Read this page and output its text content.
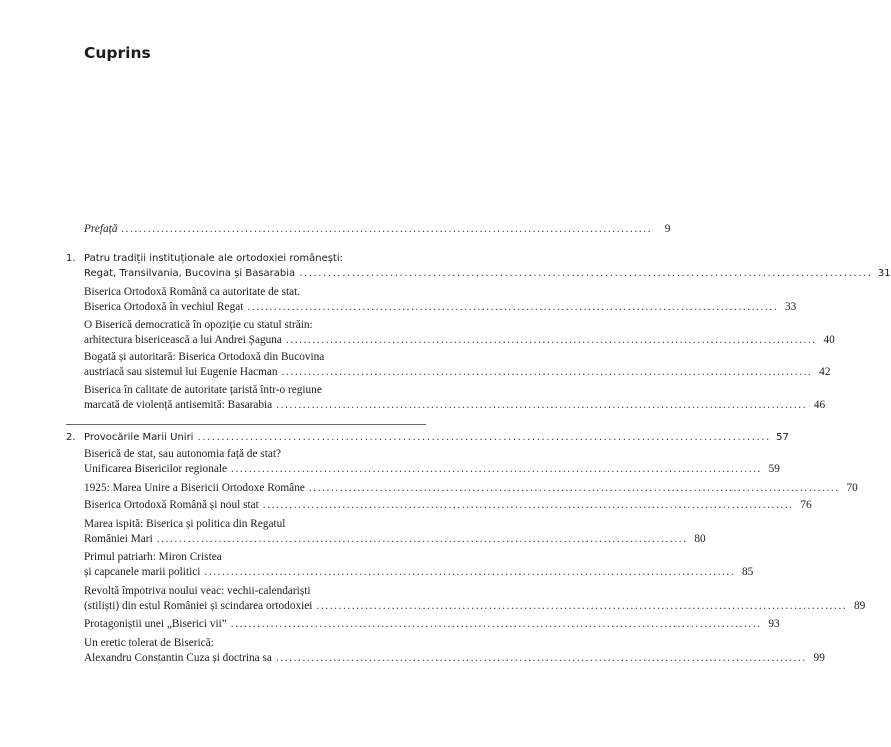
Cuprins
Prefață ........................................................................................................................	9
1. Patru tradiții instituționale ale ortodoxiei românești:
Regat, Transilvania, Bucovina și Basarabia ........................................................................................................................ 31
Biserica Ortodoxă Română ca autoritate de stat.
Biserica Ortodoxă în vechiul Regat ........................................................................................................................ 33
O Biserică democratică în opoziție cu statul străin:
arhitectura bisericească a lui Andrei Șaguna ........................................................................................................................ 40
Bogată și autoritară: Biserica Ortodoxă din Bucovina
austriacă sau sistemul lui Eugenie Hacman ........................................................................................................................ 42
Biserica în calitate de autoritate țaristă într-o regiune
marcată de violență antisemită: Basarabia ........................................................................................................................ 46
2. Provocările Marii Uniri ........................................................................................................................ 57
Biserică de stat, sau autonomia față de stat?
Unificarea Bisericilor regionale ........................................................................................................................ 59
1925: Marea Unire a Bisericii Ortodoxe Române ........................................................................................................................ 70
Biserica Ortodoxă Română și noul stat ........................................................................................................................ 76
Marea ispită: Biserica și politica din Regatul
României Mari ........................................................................................................................ 80
Primul patriarh: Miron Cristea
și capcanele marii politici ........................................................................................................................ 85
Revoltă împotriva noului veac: vechii-calendariști
(stiliști) din estul României și scindarea ortodoxiei ........................................................................................................................ 89
Protagoniștii unei „Biserici vii” ........................................................................................................................ 93
Un eretic tolerat de Biserică:
Alexandru Constantin Cuza și doctrina sa ........................................................................................................................ 99
